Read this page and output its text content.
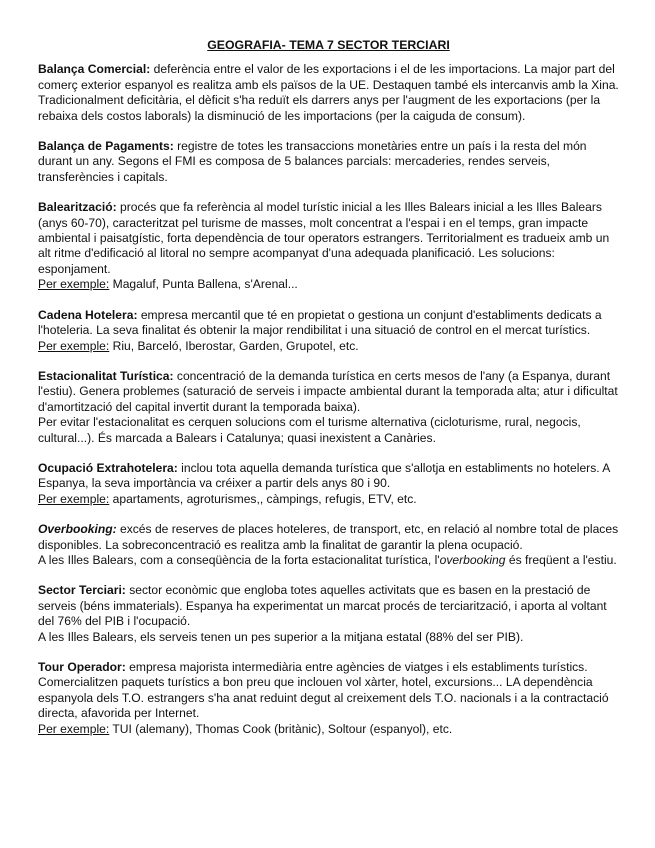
GEOGRAFIA- TEMA 7 SECTOR TERCIARI

Balança Comercial: deferència entre el valor de les exportacions i el de les importacions. La major part del comerç exterior espanyol es realitza amb els països de la UE. Destaquen també els intercanvis amb la Xina. Tradicionalment deficitària, el dèficit s'ha reduït els darrers anys per l'augment de les exportacions (per la rebaixa dels costos laborals) la disminució de les importacions (per la caiguda de consum).

Balança de Pagaments: registre de totes les transaccions monetàries entre un país i la resta del món durant un any. Segons el FMI es composa de 5 balances parcials: mercaderies, rendes serveis, transferències i capitals.

Balearització: procés que fa referència al model turístic inicial a les Illes Balears inicial a les Illes Balears (anys 60-70), caracteritzat pel turisme de masses, molt concentrat a l'espai i en el temps, gran impacte ambiental i paisatgístic, forta dependència de tour operators estrangers. Territorialment es tradueix amb un alt ritme d'edificació al litoral no sempre acompanyat d'una adequada planificació. Les solucions: esponjament.

Per exemple: Magaluf, Punta Ballena, s'Arenal...

Cadena Hotelera: empresa mercantil que té en propietat o gestiona un conjunt d'establiments dedicats a l'hoteleria. La seva finalitat és obtenir la major rendibilitat i una situació de control en el mercat turístics.

Per exemple: Riu, Barceló, Iberostar, Garden, Grupotel, etc.

Estacionalitat Turística: concentració de la demanda turística en certs mesos de l'any (a Espanya, durant l'estiu). Genera problemes (saturació de serveis i impacte ambiental durant la temporada alta; atur i dificultat d'amortització del capital invertit durant la temporada baixa).

Per evitar l'estacionalitat es cerquen solucions com el turisme alternativa (cicloturisme, rural, negocis, cultural...). És marcada a Balears i Catalunya; quasi inexistent a Canàries.

Ocupació Extrahotelera: inclou tota aquella demanda turística que s'allotja en establiments no hotelers. A Espanya, la seva importància va créixer a partir dels anys 80 i 90.

Per exemple: apartaments, agroturismes,, càmpings, refugis, ETV, etc.

Overbooking: excés de reserves de places hoteleres, de transport, etc, en relació al nombre total de places disponibles. La sobreconcentració es realitza amb la finalitat de garantir la plena ocupació.

A les Illes Balears, com a conseqüència de la forta estacionalitat turística, l'overbooking és freqüent a l'estiu.

Sector Terciari: sector econòmic que engloba totes aquelles activitats que es basen en la prestació de serveis (béns immaterials). Espanya ha experimentat un marcat procés de terciarització, i aporta al voltant del 76% del PIB i l'ocupació.

A les Illes Balears, els serveis tenen un pes superior a la mitjana estatal (88% del ser PIB).

Tour Operador: empresa majorista intermediària entre agències de viatges i els establiments turístics. Comercialitzen paquets turístics a bon preu que inclouen vol xàrter, hotel, excursions... LA dependència espanyola dels T.O. estrangers s'ha anat reduint degut al creixement dels T.O. nacionals i a la contractació directa, afavorida per Internet.

Per exemple: TUI (alemany), Thomas Cook (britànic), Soltour (espanyol), etc.
